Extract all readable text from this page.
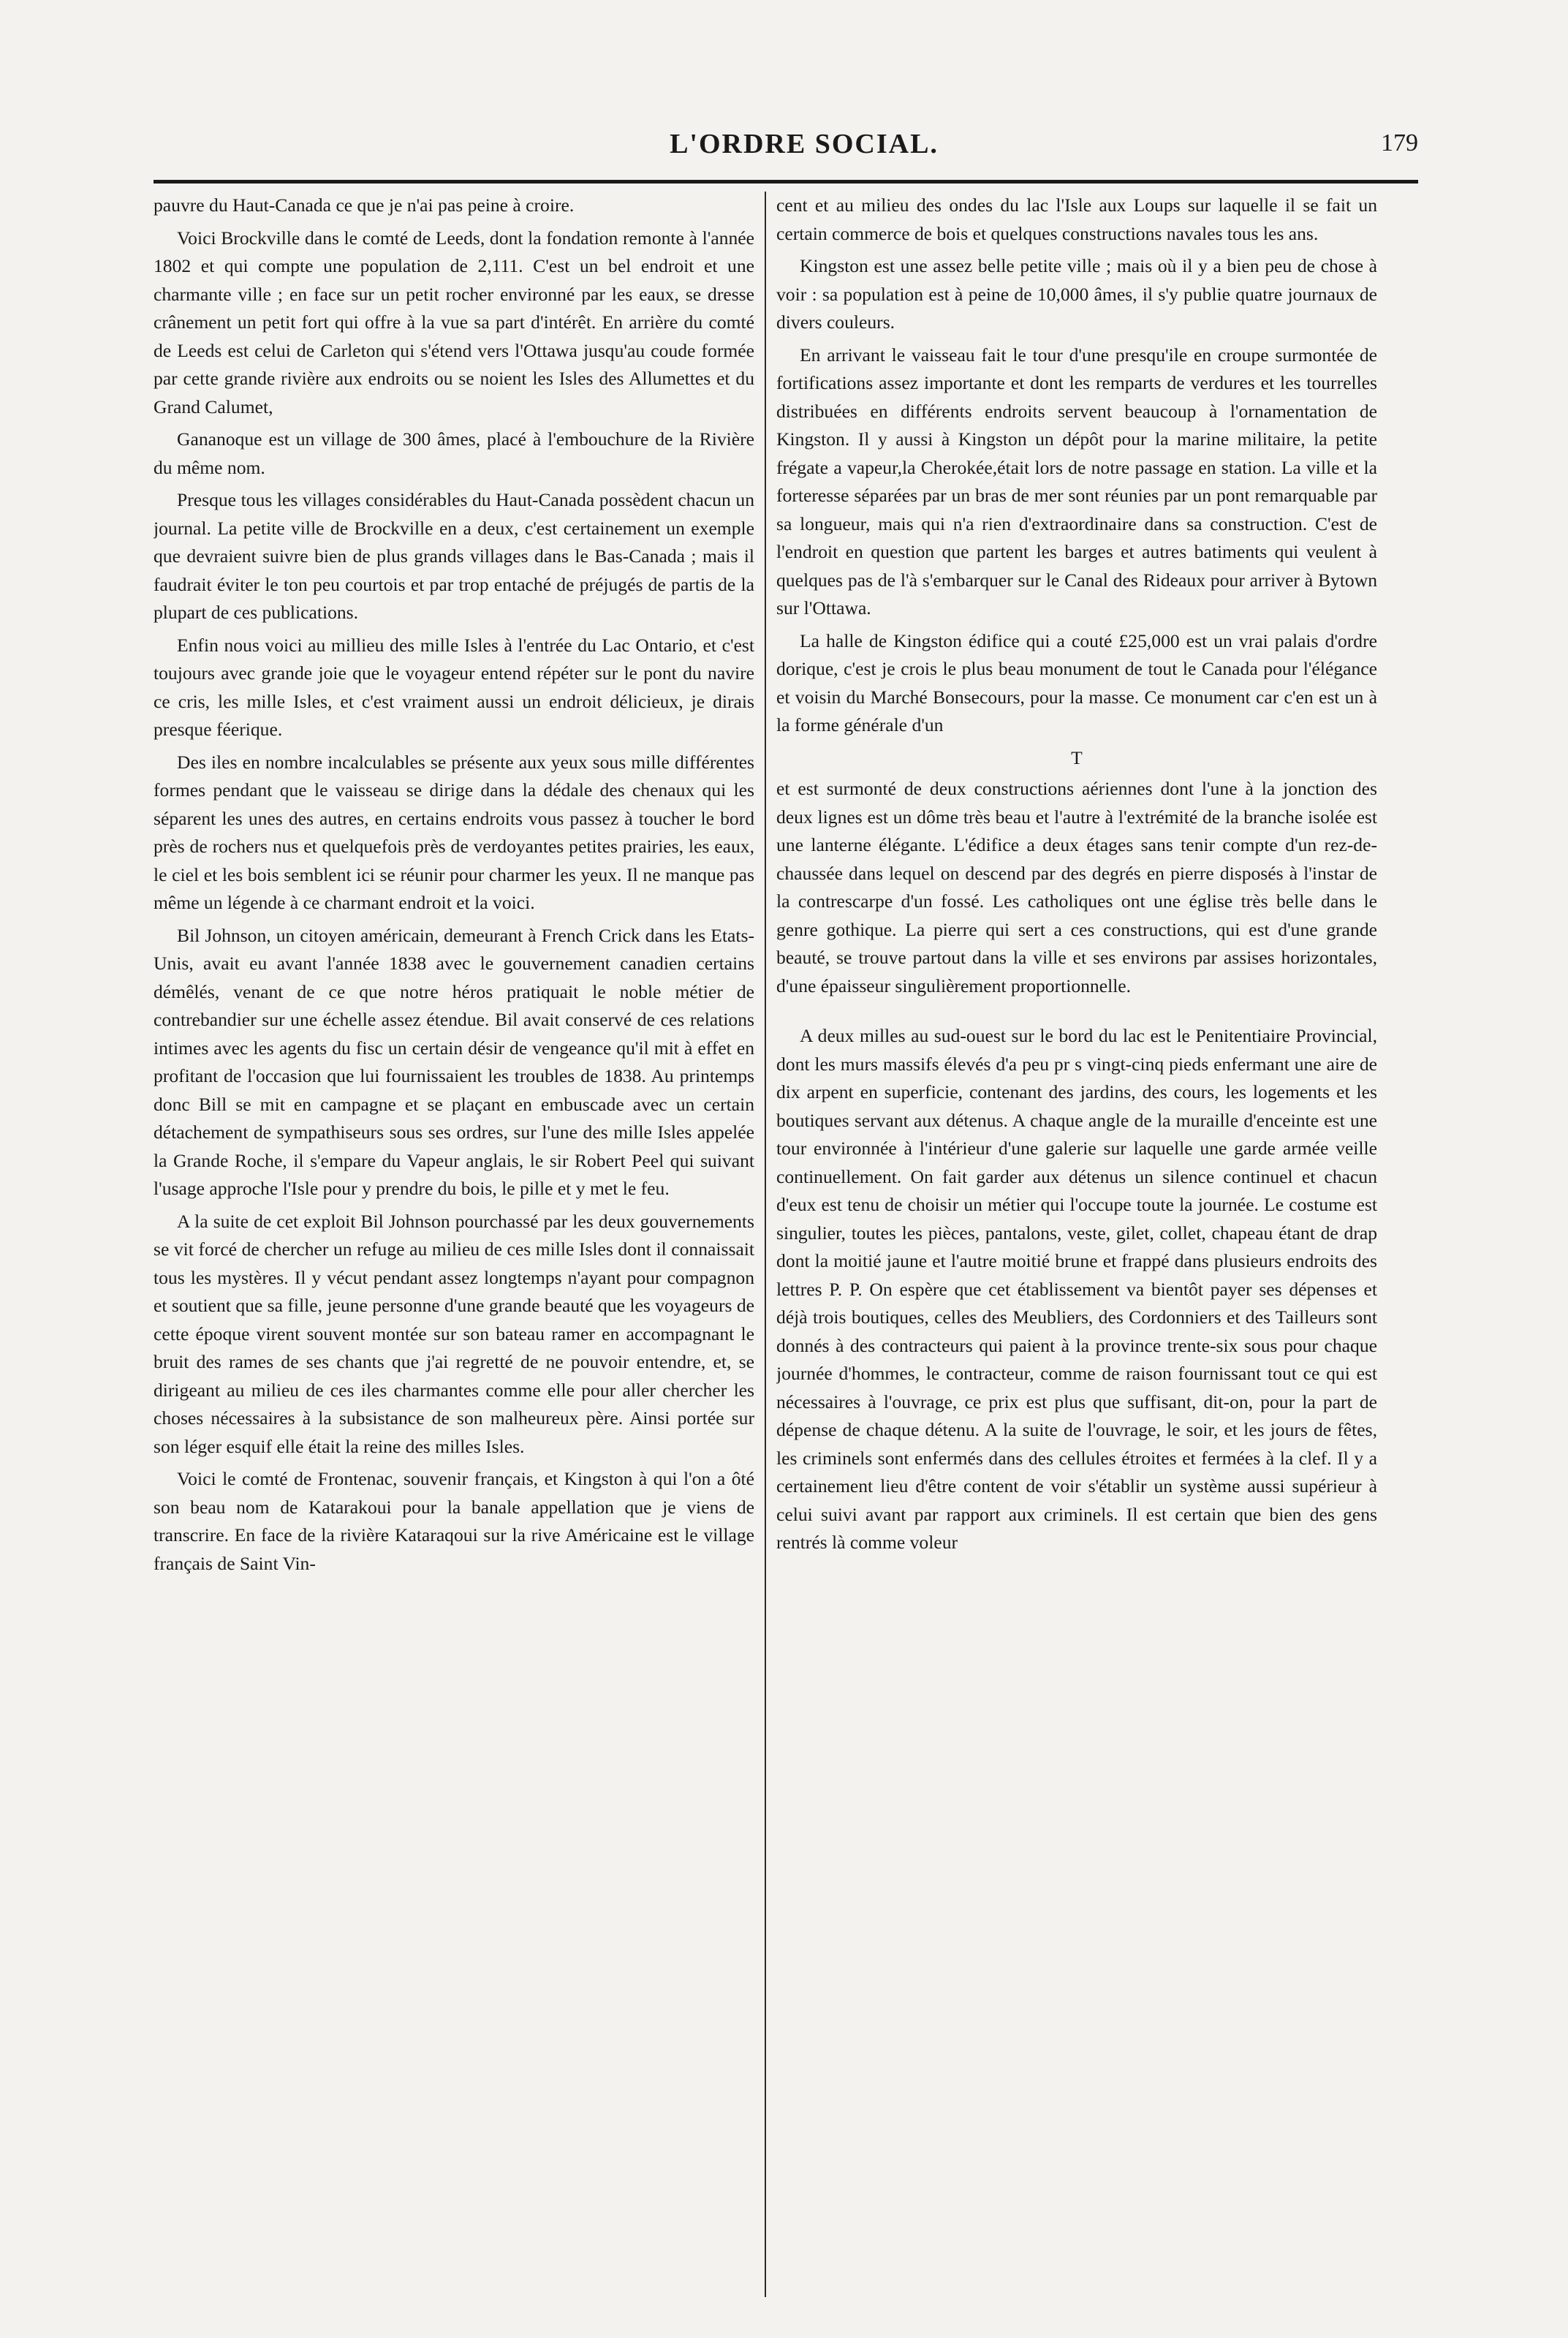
L'ORDRE SOCIAL.	179

pauvre du Haut-Canada ce que je n'ai pas peine à croire.

Voici Brockville dans le comté de Leeds, dont la fondation remonte à l'année 1802 et qui compte une population de 2,111. C'est un bel endroit et une charmante ville ; en face sur un petit rocher environné par les eaux, se dresse crânement un petit fort qui offre à la vue sa part d'intérêt. En arrière du comté de Leeds est celui de Carleton qui s'étend vers l'Ottawa jusqu'au coude formée par cette grande rivière aux endroits ou se noient les Isles des Allumettes et du Grand Calumet,

Gananoque est un village de 300 âmes, placé à l'embouchure de la Rivière du même nom.

Presque tous les villages considérables du Haut-Canada possèdent chacun un journal. La petite ville de Brockville en a deux, c'est certainement un exemple que devraient suivre bien de plus grands villages dans le Bas-Canada ; mais il faudrait éviter le ton peu courtois et par trop entaché de préjugés de partis de la plupart de ces publications.

Enfin nous voici au millieu des mille Isles à l'entrée du Lac Ontario, et c'est toujours avec grande joie que le voyageur entend répéter sur le pont du navire ce cris, les mille Isles, et c'est vraiment aussi un endroit délicieux, je dirais presque féerique.

Des iles en nombre incalculables se présente aux yeux sous mille différentes formes pendant que le vaisseau se dirige dans la dédale des chenaux qui les séparent les unes des autres, en certains endroits vous passez à toucher le bord près de rochers nus et quelquefois près de verdoyantes petites prairies, les eaux, le ciel et les bois semblent ici se réunir pour charmer les yeux. Il ne manque pas même un légende à ce charmant endroit et la voici.

Bil Johnson, un citoyen américain, demeurant à French Crick dans les Etats-Unis, avait eu avant l'année 1838 avec le gouvernement canadien certains démêlés, venant de ce que notre héros pratiquait le noble métier de contrebandier sur une échelle assez étendue. Bil avait conservé de ces relations intimes avec les agents du fisc un certain désir de vengeance qu'il mit à effet en profitant de l'occasion que lui fournissaient les troubles de 1838. Au printemps donc Bill se mit en campagne et se plaçant en embuscade avec un certain détachement de sympathiseurs sous ses ordres, sur l'une des mille Isles appelée la Grande Roche, il s'empare du Vapeur anglais, le sir Robert Peel qui suivant l'usage approche l'Isle pour y prendre du bois, le pille et y met le feu.

A la suite de cet exploit Bil Johnson pourchassé par les deux gouvernements se vit forcé de chercher un refuge au milieu de ces mille Isles dont il connaissait tous les mystères. Il y vécut pendant assez longtemps n'ayant pour compagnon et soutient que sa fille, jeune personne d'une grande beauté que les voyageurs de cette époque virent souvent montée sur son bateau ramer en accompagnant le bruit des rames de ses chants que j'ai regretté de ne pouvoir entendre, et, se dirigeant au milieu de ces iles charmantes comme elle pour aller chercher les choses nécessaires à la subsistance de son malheureux père. Ainsi portée sur son léger esquif elle était la reine des milles Isles.

Voici le comté de Frontenac, souvenir français, et Kingston à qui l'on a ôté son beau nom de Katarakoui pour la banale appellation que je viens de transcrire. En face de la rivière Kataraqoui sur la rive Américaine est le village français de Saint Vin-

cent et au milieu des ondes du lac l'Isle aux Loups sur laquelle il se fait un certain commerce de bois et quelques constructions navales tous les ans.

Kingston est une assez belle petite ville ; mais où il y a bien peu de chose à voir : sa population est à peine de 10,000 âmes, il s'y publie quatre journaux de divers couleurs.

En arrivant le vaisseau fait le tour d'une presqu'ile en croupe surmontée de fortifications assez importante et dont les remparts de verdures et les tourrelles distribuées en différents endroits servent beaucoup à l'ornamentation de Kingston. Il y aussi à Kingston un dépôt pour la marine militaire, la petite frégate a vapeur,la Cherokée,était lors de notre passage en station. La ville et la forteresse séparées par un bras de mer sont réunies par un pont remarquable par sa longueur, mais qui n'a rien d'extraordinaire dans sa construction. C'est de l'endroit en question que partent les barges et autres batiments qui veulent à quelques pas de l'à s'embarquer sur le Canal des Rideaux pour arriver à Bytown sur l'Ottawa.

La halle de Kingston édifice qui a couté £25,000 est un vrai palais d'ordre dorique, c'est je crois le plus beau monument de tout le Canada pour l'élégance et voisin du Marché Bonsecours, pour la masse. Ce monument car c'en est un à la forme générale d'un

T

et est surmonté de deux constructions aériennes dont l'une à la jonction des deux lignes est un dôme très beau et l'autre à l'extrémité de la branche isolée est une lanterne élégante. L'édifice a deux étages sans tenir compte d'un rez-de-chaussée dans lequel on descend par des degrés en pierre disposés à l'instar de la contrescarpe d'un fossé. Les catholiques ont une église très belle dans le genre gothique. La pierre qui sert a ces constructions, qui est d'une grande beauté, se trouve partout dans la ville et ses environs par assises horizontales, d'une épaisseur singulièrement proportionnelle.

A deux milles au sud-ouest sur le bord du lac est le Penitentiaire Provincial, dont les murs massifs élevés d'a peu pr s vingt-cinq pieds enfermant une aire de dix arpent en superficie, contenant des jardins, des cours, les logements et les boutiques servant aux détenus. A chaque angle de la muraille d'enceinte est une tour environnée à l'intérieur d'une galerie sur laquelle une garde armée veille continuellement. On fait garder aux détenus un silence continuel et chacun d'eux est tenu de choisir un métier qui l'occupe toute la journée. Le costume est singulier, toutes les pièces, pantalons, veste, gilet, collet, chapeau étant de drap dont la moitié jaune et l'autre moitié brune et frappé dans plusieurs endroits des lettres P. P. On espère que cet établissement va bientôt payer ses dépenses et déjà trois boutiques, celles des Meubliers, des Cordonniers et des Tailleurs sont donnés à des contracteurs qui paient à la province trente-six sous pour chaque journée d'hommes, le contracteur, comme de raison fournissant tout ce qui est nécessaires à l'ouvrage, ce prix est plus que suffisant, dit-on, pour la part de dépense de chaque détenu. A la suite de l'ouvrage, le soir, et les jours de fêtes, les criminels sont enfermés dans des cellules étroites et fermées à la clef. Il y a certainement lieu d'être content de voir s'établir un système aussi supérieur à celui suivi avant par rapport aux criminels. Il est certain que bien des gens rentrés là comme voleur
